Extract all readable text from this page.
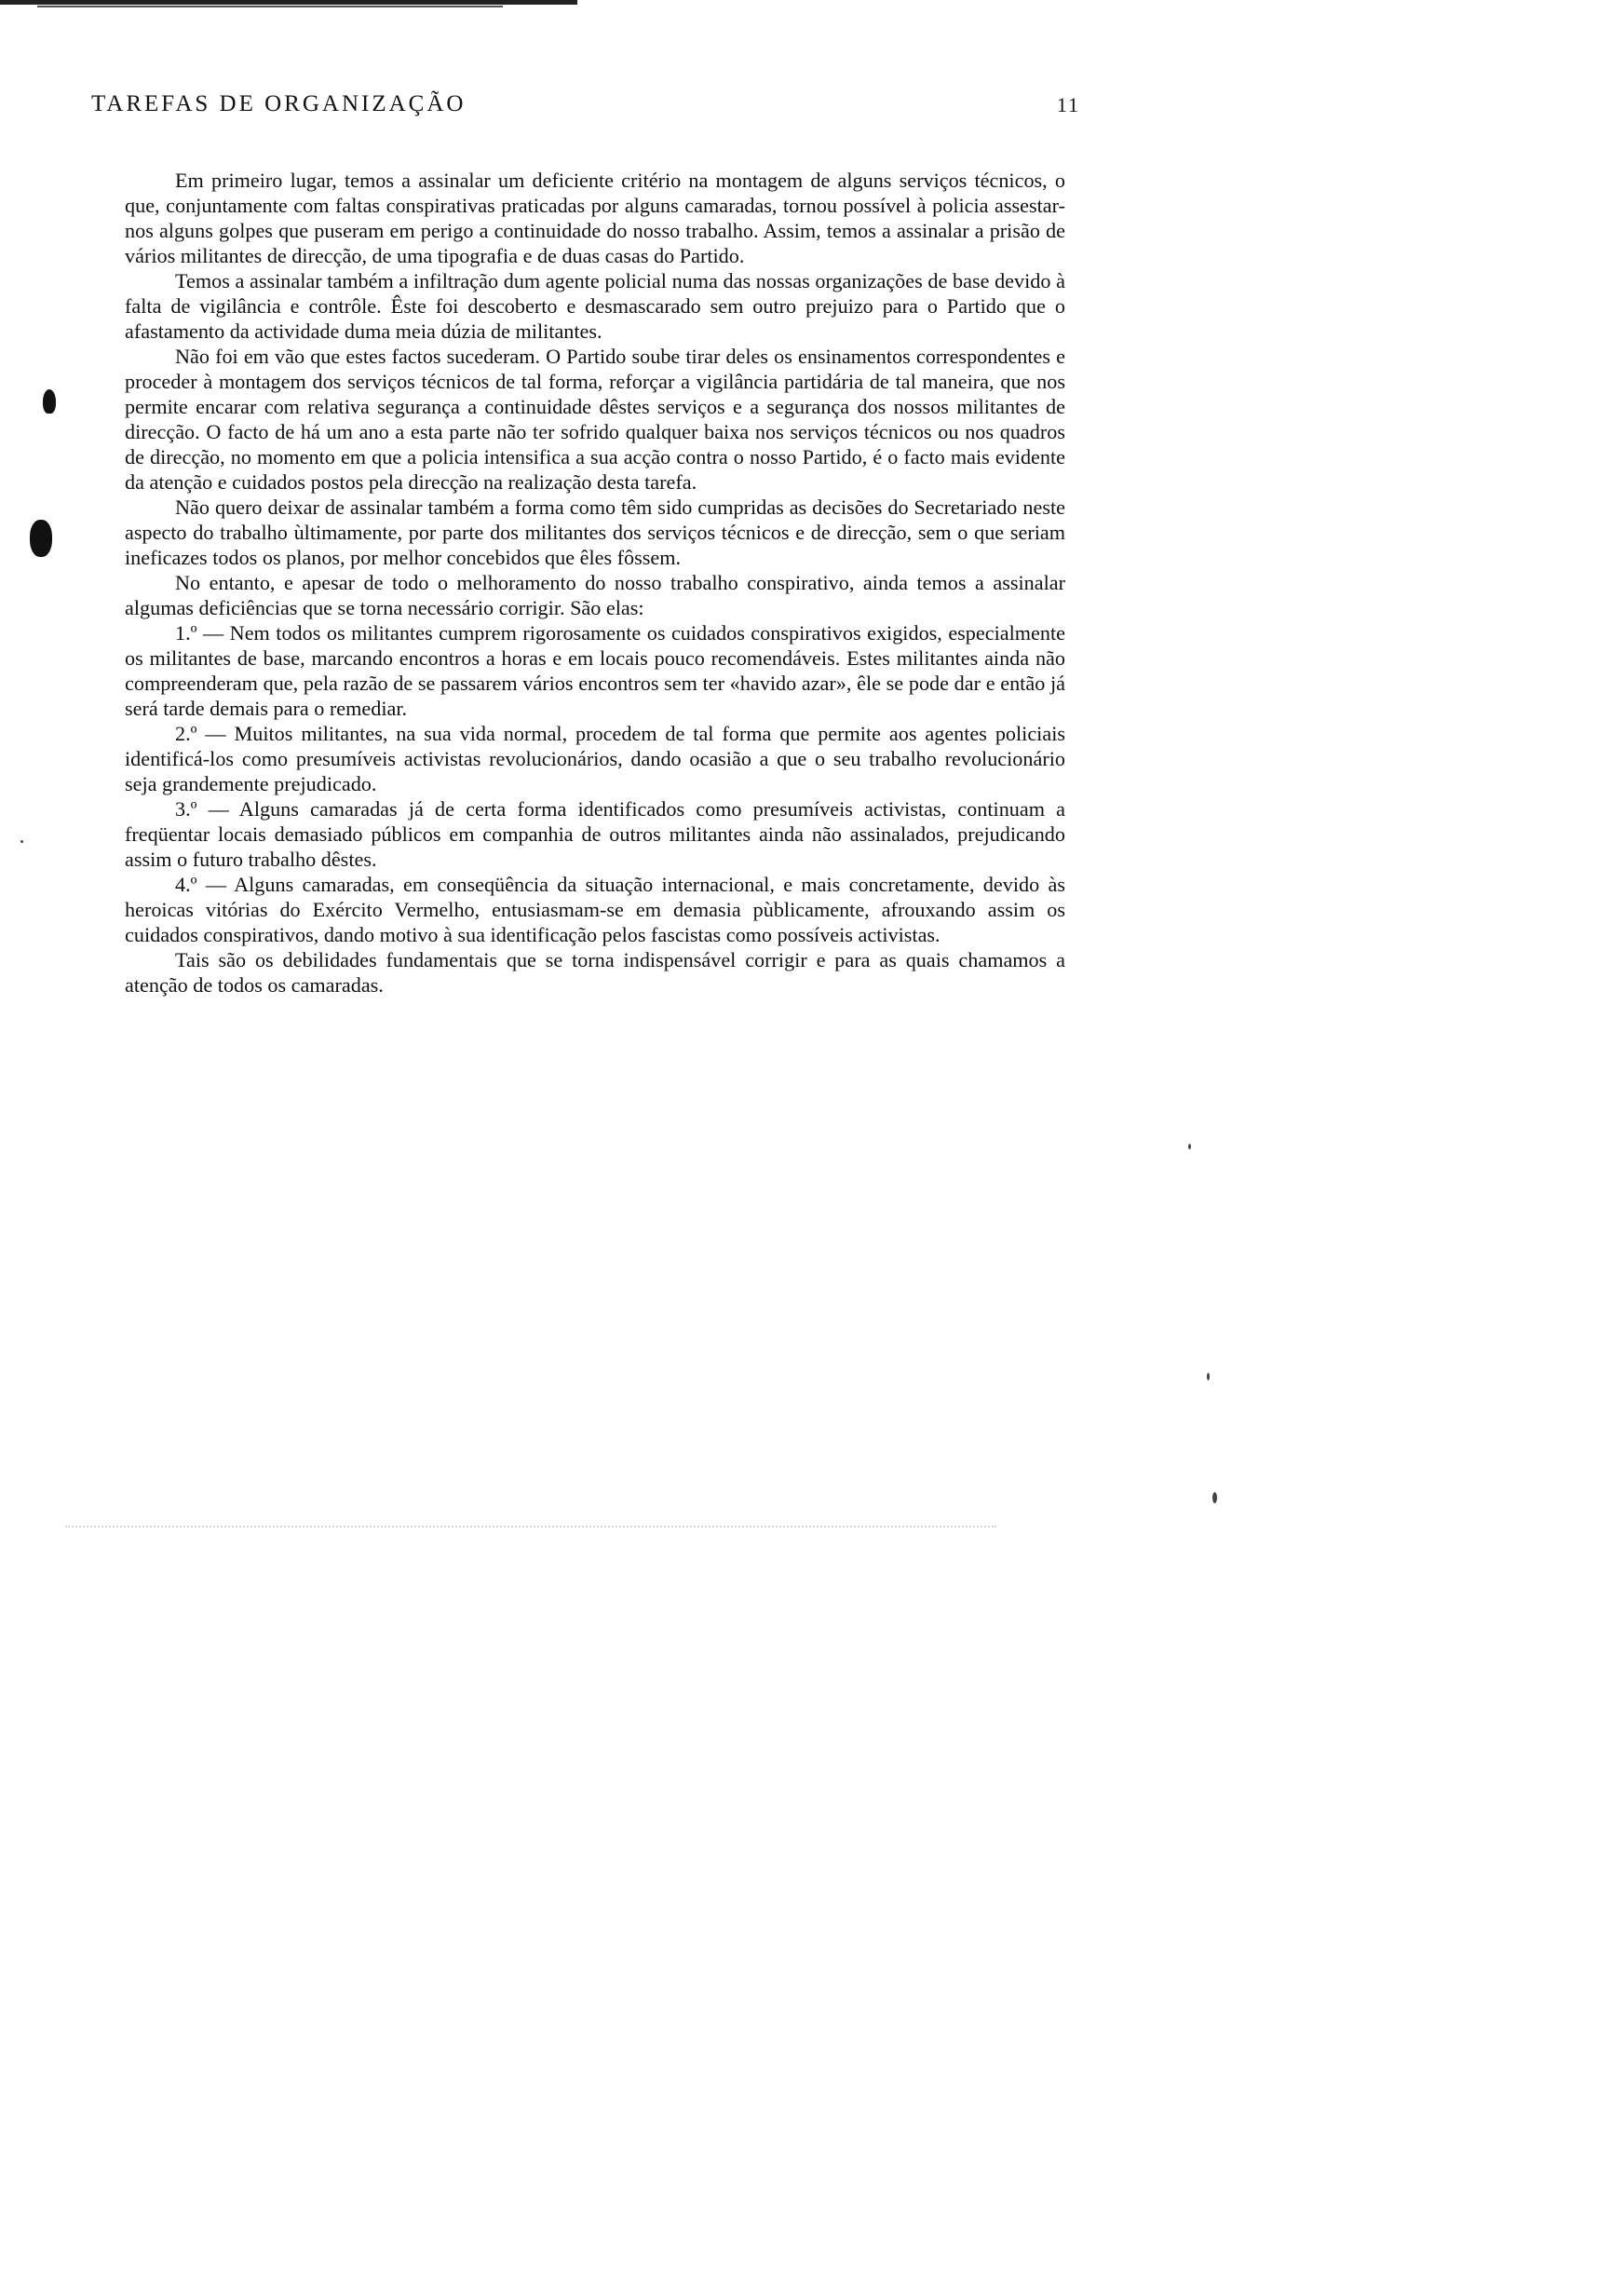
TAREFAS DE ORGANIZAÇÃO	11

Em primeiro lugar, temos a assinalar um deficiente critério na montagem de alguns serviços técnicos, o que, conjuntamente com faltas conspirativas praticadas por alguns camaradas, tornou possível à policia assestar-nos alguns golpes que puseram em perigo a continuidade do nosso trabalho. Assim, temos a assinalar a prisão de vários militantes de direcção, de uma tipografia e de duas casas do Partido.

Temos a assinalar também a infiltração dum agente policial numa das nossas organizações de base devido à falta de vigilância e contrôle. Êste foi descoberto e desmascarado sem outro prejuizo para o Partido que o afastamento da actividade duma meia dúzia de militantes.

Não foi em vão que estes factos sucederam. O Partido soube tirar deles os ensinamentos correspondentes e proceder à montagem dos serviços técnicos de tal forma, reforçar a vigilância partidária de tal maneira, que nos permite encarar com relativa segurança a continuidade dêstes serviços e a segurança dos nossos militantes de direcção. O facto de há um ano a esta parte não ter sofrido qualquer baixa nos serviços técnicos ou nos quadros de direcção, no momento em que a policia intensifica a sua acção contra o nosso Partido, é o facto mais evidente da atenção e cuidados postos pela direcção na realização desta tarefa.

Não quero deixar de assinalar também a forma como têm sido cumpridas as decisões do Secretariado neste aspecto do trabalho ùltimamente, por parte dos militantes dos serviços técnicos e de direcção, sem o que seriam ineficazes todos os planos, por melhor concebidos que êles fôssem.

No entanto, e apesar de todo o melhoramento do nosso trabalho conspirativo, ainda temos a assinalar algumas deficiências que se torna necessário corrigir. São elas:

1.º — Nem todos os militantes cumprem rigorosamente os cuidados conspirativos exigidos, especialmente os militantes de base, marcando encontros a horas e em locais pouco recomendáveis. Estes militantes ainda não compreenderam que, pela razão de se passarem vários encontros sem ter «havido azar», êle se pode dar e então já será tarde demais para o remediar.

2.º — Muitos militantes, na sua vida normal, procedem de tal forma que permite aos agentes policiais identificá-los como presumíveis activistas revolucionários, dando ocasião a que o seu trabalho revolucionário seja grandemente prejudicado.

3.º — Alguns camaradas já de certa forma identificados como presumíveis activistas, continuam a freqüentar locais demasiado públicos em companhia de outros militantes ainda não assinalados, prejudicando assim o futuro trabalho dêstes.

4.º — Alguns camaradas, em conseqüência da situação internacional, e mais concretamente, devido às heroicas vitórias do Exército Vermelho, entusiasmam-se em demasia pùblicamente, afrouxando assim os cuidados conspirativos, dando motivo à sua identificação pelos fascistas como possíveis activistas.

Tais são os debilidades fundamentais que se torna indispensável corrigir e para as quais chamamos a atenção de todos os camaradas.
